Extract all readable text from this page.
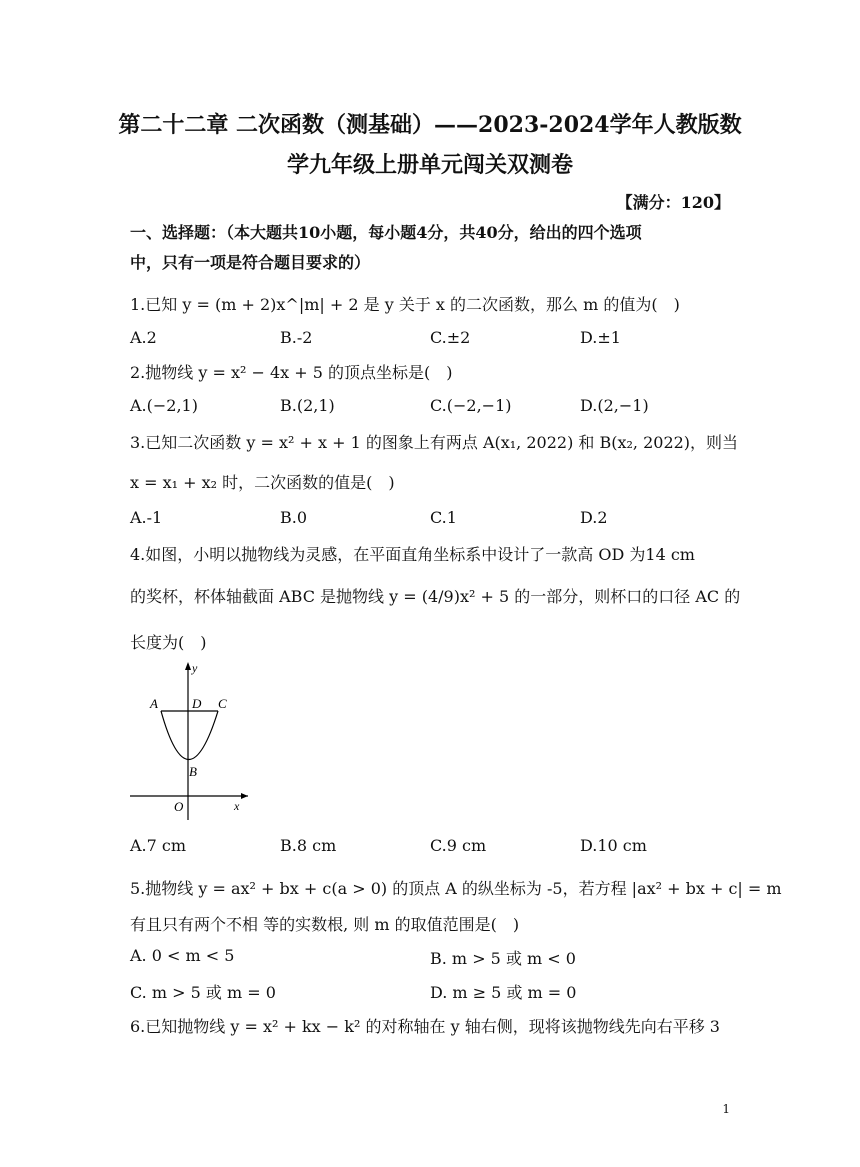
第二十二章 二次函数（测基础）——2023-2024学年人教版数
学九年级上册单元闯关双测卷
【满分：120】
一、选择题：（本大题共10小题，每小题4分，共40分，给出的四个选项
中，只有一项是符合题目要求的）
1.已知 y = (m + 2)x^|m| + 2 是 y 关于 x 的二次函数，那么 m 的值为(　)
A.2	B.-2	C.±2	D.±1
2.抛物线 y = x² − 4x + 5 的顶点坐标是(　)
A.(−2,1)	B.(2,1)	C.(−2,−1)	D.(2,−1)
3.已知二次函数 y = x² + x + 1 的图象上有两点 A(x₁, 2022) 和 B(x₂, 2022)，则当
x = x₁ + x₂ 时，二次函数的值是(　)
A.-1	B.0	C.1	D.2
4.如图，小明以抛物线为灵感，在平面直角坐标系中设计了一款高 OD 为14 cm
的奖杯，杯体轴截面 ABC 是抛物线 y = (4/9)x² + 5 的一部分，则杯口的口径 AC 的
长度为(　)
y
A	D C
B
O	x
A.7 cm	B.8 cm	C.9 cm	D.10 cm
5.抛物线 y = ax² + bx + c(a > 0) 的顶点 A 的纵坐标为 -5，若方程 |ax² + bx + c| = m
有且只有两个不相 等的实数根, 则 m 的取值范围是(　)
A. 0 < m < 5	B. m > 5 或 m < 0
C. m > 5 或 m = 0	D. m ≥ 5 或 m = 0
6.已知抛物线 y = x² + kx − k² 的对称轴在 y 轴右侧，现将该抛物线先向右平移 3
1
